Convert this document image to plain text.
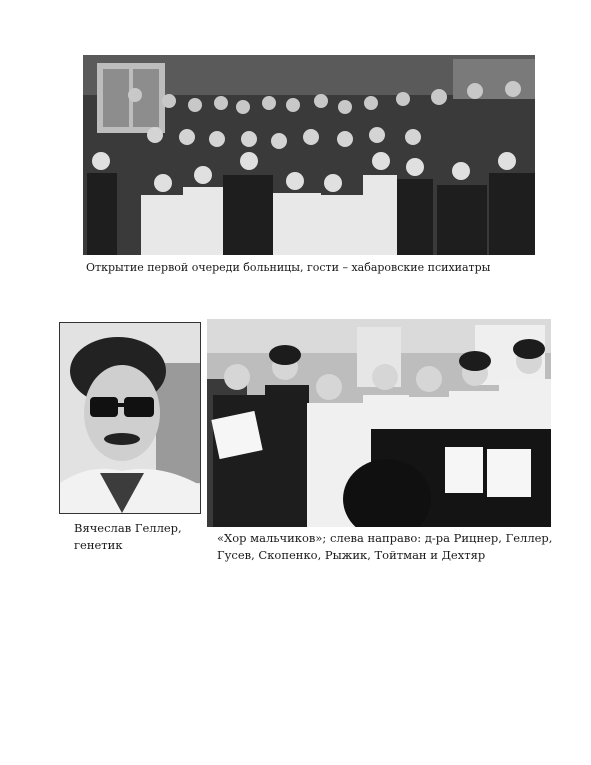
Открытие первой очереди больницы, гости – хабаровские психиатры

Вячеслав Геллер,
генетик	«Хор мальчиков»; слева направо: д-ра Рицнер, Геллер,
Гусев, Скопенко, Рыжик, Тойтман и Дехтяр
